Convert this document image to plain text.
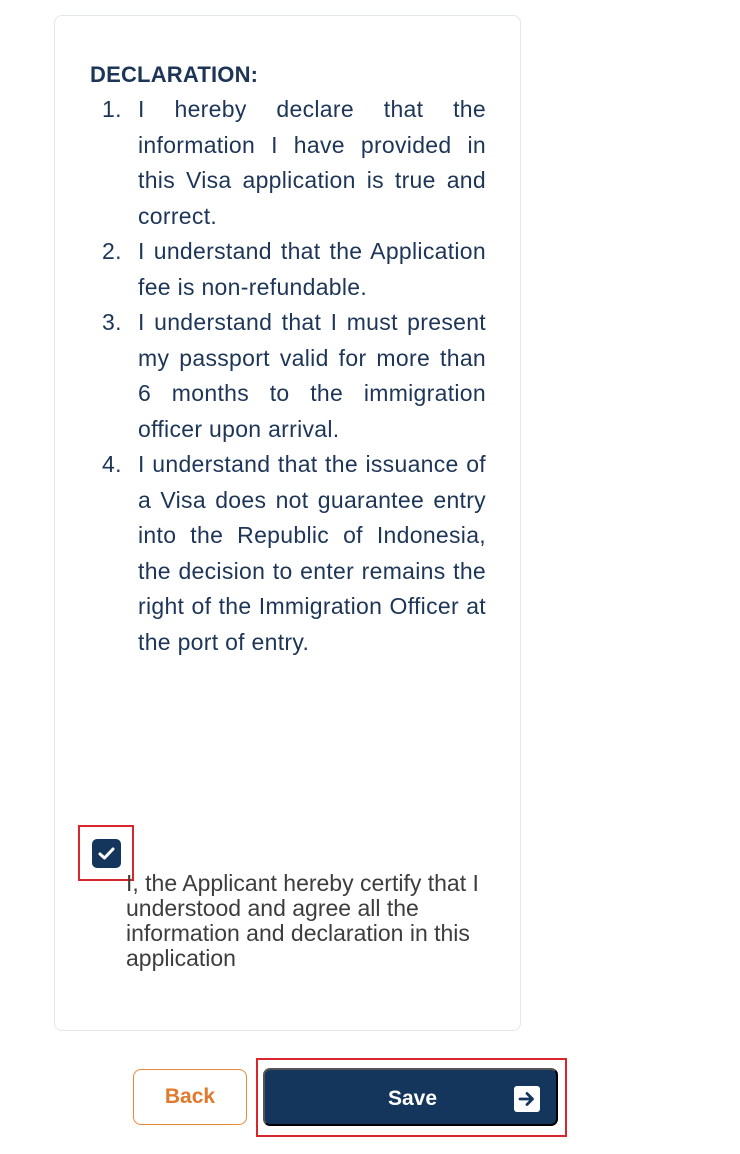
DECLARATION:
1. I hereby declare that the information I have provided in this Visa application is true and correct.
2. I understand that the Application fee is non-refundable.
3. I understand that I must present my passport valid for more than 6 months to the immigration officer upon arrival.
4. I understand that the issuance of a Visa does not guarantee entry into the Republic of Indonesia, the decision to enter remains the right of the Immigration Officer at the port of entry.
I, the Applicant hereby certify that I understood and agree all the information and declaration in this application
Back	Save
